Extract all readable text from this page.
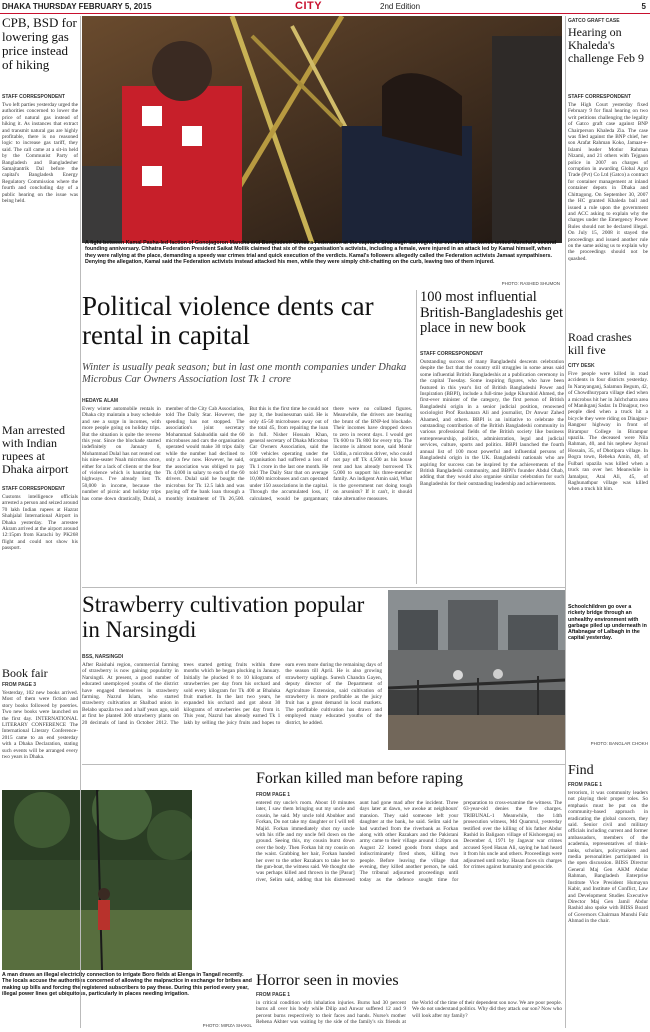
DHAKA THURSDAY FEBRUARY 5, 2015	CITY	2nd Edition	5
CPB, BSD for lowering gas price instead of hiking
STAFF CORRESPONDENT
Two left parties yesterday urged the authorities concerned to lower the price of natural gas instead of hiking it. As instances that extract and transmit natural gas are highly profitable, there is no reasoned logic to increase gas tariff, they said. The call came at a sit-in held by the Communist Party of Bangladesh and Bangladesher Samajtantrik Dal before the capital's Bangladesh Energy Regulatory Commission where the fourth and concluding day of a public hearing on the issue was being held.
Man arrested with Indian rupees at Dhaka airport
STAFF CORRESPONDENT
Customs intelligence officials arrested a person and seized around 70 lakh Indian rupees at Hazrat Shahjalal International Airport in Dhaka yesterday. The arrestee Akram arrived at the airport around 12:15pm from Karachi by PK268 flight and could not show his passport.
Book fair
FROM PAGE 3
Yesterday, 102 new books arrived. Most of them were fiction and story books followed by poetries. Two new books were launched on the first day. INTERNATIONAL LITERARY CONFERENCE The International Literary Conference-2015 came to an end yesterday with a Dhaka Declaration, stating such events will be arranged every two years in Dhaka.
A fight between Kamal Pasha-led faction of Gonojagoron Mancha and Bangladesh Chhatra Federation at the capital's Shahbagh last night, the eve of the erstwhile united Mancha's second founding anniversary. Chhatra Federation President Saikat Mollik claimed that six of the organisation's activists, including a female, were injured in an attack led by Kamal himself, when they were rallying at the place, demanding a speedy war crimes trial and quick execution of the verdicts. Kamal's followers allegedly called the Federation activists Jamaat sympathisers. Denying the allegation, Kamal said the Federation activists instead attacked his men, while they were simply chit-chatting on the curb, leaving two of them injured.
PHOTO: RASHED SHUMON
GATCO GRAFT CASE
Hearing on Khaleda's challenge Feb 9
STAFF CORRESPONDENT
The High Court yesterday fixed February 9 for final hearing on two writ petitions challenging the legality of Gatco graft case against BNP Chairperson Khaleda Zia. The case was filed against the BNP chief, her son Arafat Rahman Koko, Jamaat-e-Islami leader Motiur Rahman Nizami, and 21 others with Tejgaon police in 2007 on charges of corruption in awarding Global Agro Trade (Pvt) Co Ltd (Gatco) a contract for container management at inland container depots in Dhaka and Chittagong. On September 30, 2007 the HC granted Khaleda bail and issued a rule upon the government and ACC asking to explain why the charges under the Emergency Power Rules should not be declared illegal. On July 15, 2008 it stayed the proceedings and issued another rule on the same asking us to explain why the proceedings should not be quashed.
Road crashes kill five
CITY DESK
Five people were killed in road accidents in four districts yesterday. In Narayanganj, Salamun Begum, 42, of Chowdhurypara village died when a microbus hit her in Jalchchatra area of Manikganj Sadar. In Dinajpur, two people died when a truck hit a bicycle they were riding on Dinajpur-Rangpur highway in front of Birampur College in Birampur upazila. The deceased were Nila Rahman, 40, and his nephew Joynul Hossain, 35, of Dhotipara village. In Bogra town, Rebeka Amin, 40, of Fulbari upazila was killed when a truck ran over her. Meanwhile in Jamalpur, Atai Ali, 45, of Raghunathpur village was killed when a truck hit him.
Political violence dents car rental in capital
Winter is usually peak season; but in last one month companies under Dhaka Microbus Car Owners Association lost Tk 1 crore
HEDAYE ALAM
Every winter automobile rentals in Dhaka city maintain a busy schedule and see a surge in incomes, with more people going on holiday trips. But the situation is quite the reverse this year. Since the blockade started indefinitely on January 6, Mohammad Dulal has not rented out his nine-seater Noah microbus once, either for a lack of clients or the fear of violence which is haunting the highways. I've already lost Tk 50,000 in income, because the number of picnic and holiday trips has come down drastically, Dulal, a member of the City Cab Association, told The Daily Star. However, the spending has not stopped. The association's joint secretary Mohammad Salahuddin said the 60 microbuses and cars the organisation operated would make 30 trips daily while the number had declined to only a few now. However, he said, the association was obliged to pay Tk 4,000 in salary to each of the 60 drivers. Dulal said he bought the microbus for Tk 12.5 lakh and was paying off the bank loan through a monthly instalment of Tk 26,500. But this is the first time he could not pay it, the businessman said. He is only 45-50 microbuses away out of the total 45, from repairing the loan in full. Nisher Hossain Khan, general secretary of Dhaka Microbus Car Owners Association, said the 100 vehicles operating under the organisation had suffered a loss of Tk 1 crore in the last one month. He told The Daily Star that on average 10,000 microbuses and cars operated under 150 associations in the capital. Through the accumulated loss, if calculated, would be gargantuan; there were no collated figures. Meanwhile, the drivers are bearing the brunt of the BNP-led blockade. Their incomes have dropped down to zero in recent days. I would get Tk 600 to Tk 800 for every trip. The income is almost none, said Monir Uddin, a microbus driver, who could not pay off Tk 4,500 as his house rent and has already borrowed Tk 5,000 to support his three-member family. An indigent Amin said, What is the government not doing tough on arsonists? If it can't, it should take alternative measures.
100 most influential British-Bangladeshis get place in new book
STAFF CORRESPONDENT
Outstanding success of many Bangladeshi descents celebration despite the fact that the country still struggles in some areas said some influential British Bangladeshis at a publication ceremony in the capital Tuesday. Some inspiring figures, who have been featured in this year's list of British Bangladeshi Power and Inspiration (BBPI), include a full-time judge Khurshid Ahmed, the first-ever minister of the category, the first person of British Bangladeshi origin in a senior judicial position, renowned sociologist Prof Rushanara Ali and journalist, Dr Anwar Zahed Ahamed, and others. BBPI is an initiative to celebrate the outstanding contribution of the British Bangladeshi community in various professional fields of the British society like business entrepreneurship, politics, administration, legal and judicial services, culture, sports and politics. BBPI launched the fourth annual list of 100 most powerful and influential persons of Bangladeshi origin in the UK. Bangladeshi nationals who are aspiring for success can be inspired by the achievements of the British Bangladeshi community, and BBPI's founder Abdul Ohab, adding that they would also organise similar celebration for such Bangladeshis for their outstanding leadership and achievements.
Strawberry cultivation popular in Narsingdi
BSS, NARSINGDI
After Raishahi region, commercial farming of strawberry is now gaining popularity in Narsingdi. At present, a good number of educated unemployed youths of the district have engaged themselves in strawberry farming. Nazrul Islam, who started strawberry cultivation at Shalbad union in Belabo upazila two and a half years ago, said at first he planted 300 strawberry plants on 20 decimals of land in October 2012. The trees started getting fruits within three months which he began plucking in January. Initially he plucked 8 to 10 kilograms of strawberries per day from his orchard and sold every kilogram for Tk 400 at Bhaluka fruit market. In the last two years, he expanded his orchard and got about 30 kilograms of strawberries per day from it. This year, Nazrul has already earned Tk 1 lakh by selling the juicy fruits and hopes to earn even more during the remaining days of the season till April. He is also growing strawberry saplings. Suresh Chandra Gayen, deputy director of the Department of Agriculture Extension, said cultivation of strawberry is more profitable as the juicy fruit has a great demand in local markets. The profitable cultivation has drawn and employed many educated youths of the district, he added.
Schoolchildren go over a rickety bridge through an unhealthy environment with garbage piled up underneath in Aftabnagar of Lalbagh in the capital yesterday.
PHOTO: BANGLAR CHOKH
A man draws an illegal electricity connection to irrigate Boro fields at Elenga in Tangail recently. The locals accuse the authorities concerned of allowing the malpractice in exchange for bribes and making up bills and forcing the registered subscribers to pay these. During this period every year, illegal power lines get ubiquitous, particularly in places needing irrigation.
PHOTO: MIRZA SHAKIL
Forkan killed man before raping
FROM PAGE 1
entered my uncle's room. About 10 minutes later, I saw them bringing out my uncle and cousin, he said. My uncle told Abubker and Forkan, Do not take my daughter or I will tell Majid. Forkan immediately shot my uncle with his rifle and my uncle fell down on the ground. Seeing this, my cousin burst down over the body. Then Forkan hit my cousin on the waist. Grabbing her hair, Forkan handed her over to the other Razakars to take her to the gun-boat, the witness said. We thought she was perhaps killed and thrown in the [Pasur] river, Selim said, adding that his distressed aunt had gone mad after the incident. Three days later at dawn, we awoke at neighbours' mansion. They said someone left your daughter at the bank, he said. Selim said he had watched from the riverbank as Forkan along with other Razakars and the Pakistani army came to their village around 1:30pm on August 22 looted goods from shops and indiscriminately fired shots, killing two people. Before leaving the village that evening, they killed another person, he said. The tribunal adjourned proceedings until today as the defence sought time for preparation to cross-examine the witness. The 63-year-old denies the five charges. TRIBUNAL-1 Meanwhile, the 14th prosecution witness, Md Quamrul, yesterday testified over the killing of his father Abdur Rashid in Baligaon village of Kishoreganj on December 4, 1971 by Jagavar war crimes accused Syed Hasan Ali, saying he had heard it from his uncle and others. Proceedings were adjourned until today. Hasan faces six charges for crimes against humanity and genocide.
Horror seen in movies
FROM PAGE 1
in critical condition with inhalation injuries. Burns had 30 percent burns all over his body while Dilip and Anwar suffered 12 and 9 percent burns respectively to their faces and hands. Nurse's mother Rehena Akhter was waiting by the side of the family's six friends at the World of the time of their dependent son now. We are poor people. We do not understand politics. Why did they attack our son? Now who will look after my family?
Find
FROM PAGE 1
terrorism, it was community leaders not playing their proper roles. So emphasis must be put on the community-based approach in eradicating the global concern, they said. Senior civil and military officials including current and former ambassadors, members of the academia, representatives of think-tanks, scholars, policymakers and media personalities participated in the open discussion. BIISS Director General Maj Gen AKM Abdur Rahman, Bangladesh Enterprise Institute Vice President Humayun Kabir, and Institute of Conflict, Law and Development Studies Executive Director Maj Gen Jamil Abdur Rashid also spoke with BIISS Board of Governors Chairman Munshi Faiz Ahmad in the chair.
